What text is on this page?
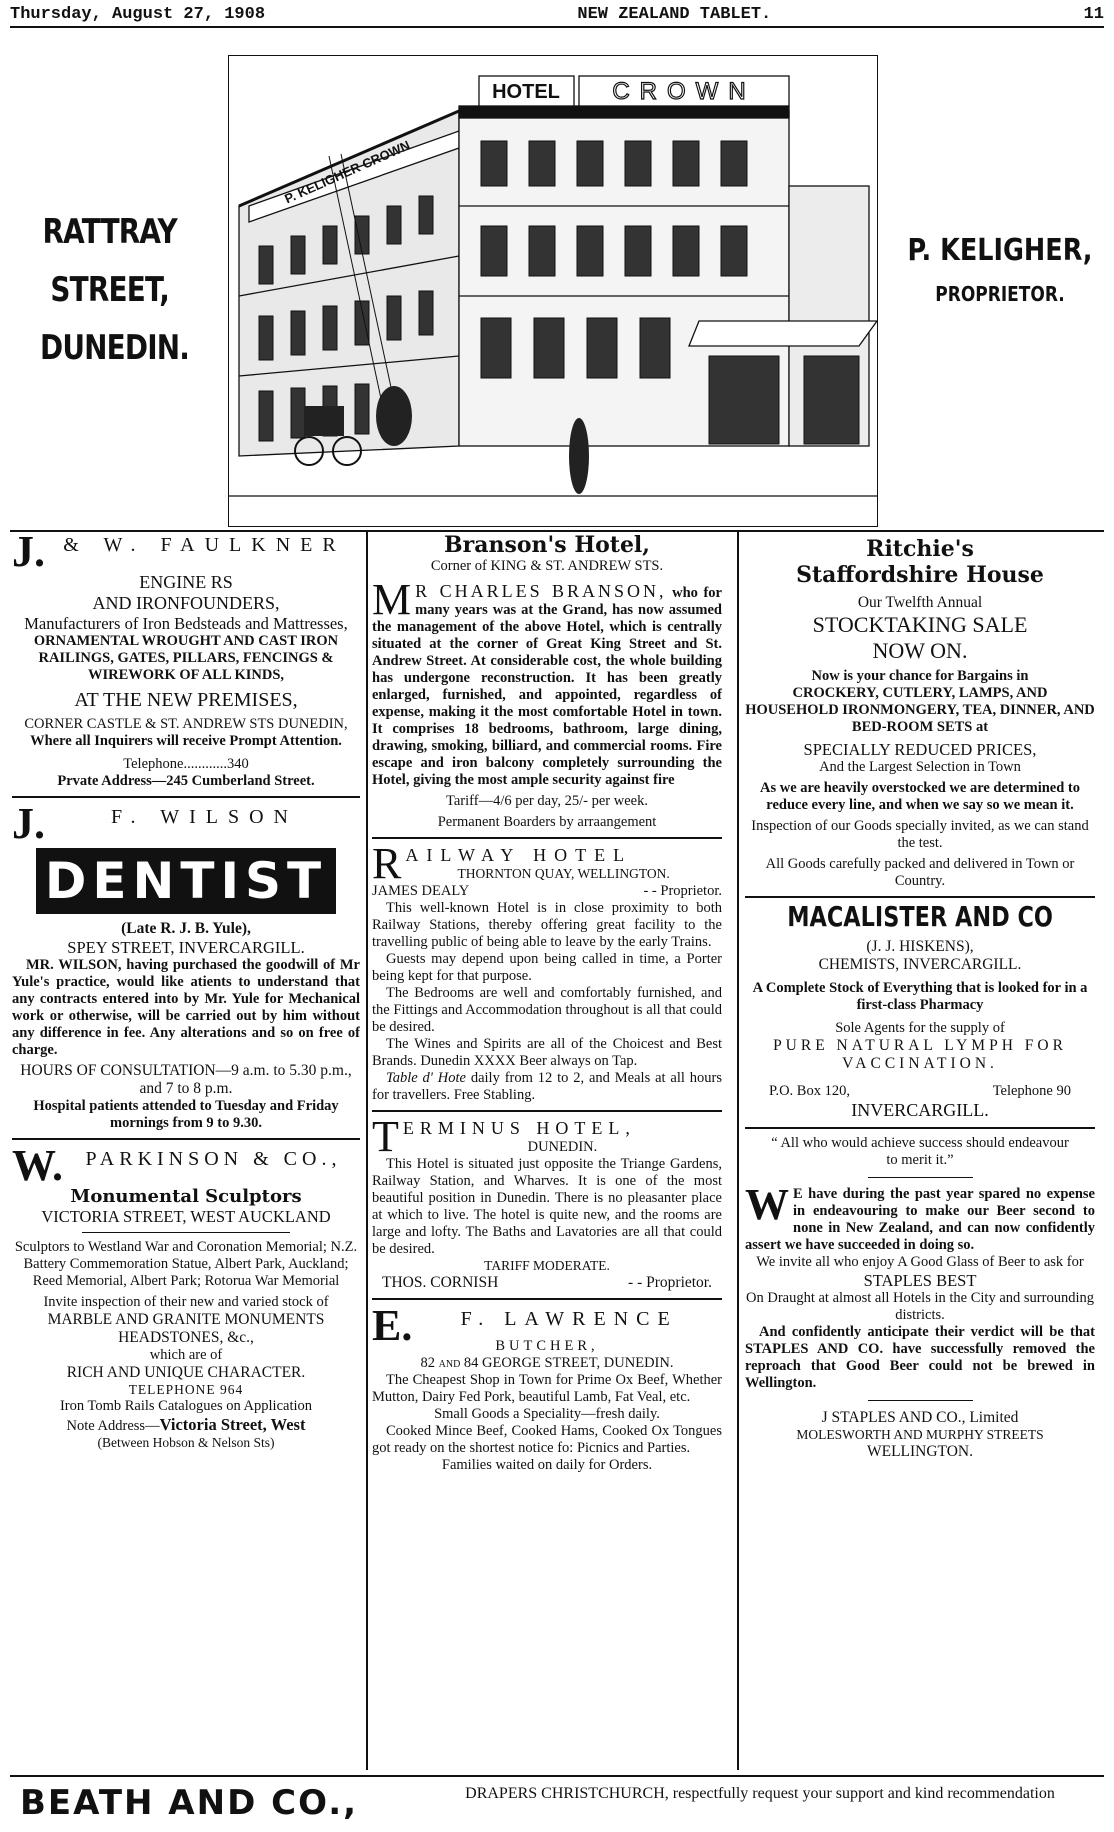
Thursday, August 27, 1908	NEW ZEALAND TABLET.	11
RATTRAY
STREET,
DUNEDIN.
HOTEL CROWN
P. KELIGHER CROWN
P. KELIGHER,
PROPRIETOR.
J. & W. FAULKNER
ENGINE RS
AND IRONFOUNDERS,
Manufacturers of Iron Bedsteads and Mattresses,
ORNAMENTAL WROUGHT AND CAST IRON RAILINGS, GATES, PILLARS, FENCINGS & WIREWORK OF ALL KINDS,
AT THE NEW PREMISES,
CORNER CASTLE & ST. ANDREW STS DUNEDIN,
Where all Inquirers will receive Prompt Attention.
Telephone............340
Prvate Address—245 Cumberland Street.
J.	F. WILSON
DENTIST
(Late R. J. B. Yule),
SPEY STREET, INVERCARGILL.
MR. WILSON, having purchased the goodwill of Mr Yule's practice, would like atients to understand that any contracts entered into by Mr. Yule for Mechanical work or otherwise, will be carried out by him without any difference in fee. Any alterations and so on free of charge.
HOURS OF CONSULTATION—9 a.m. to 5.30 p.m., and 7 to 8 p.m.
Hospital patients attended to Tuesday and Friday mornings from 9 to 9.30.
W.	PARKINSON & CO.,
Monumental Sculptors
VICTORIA STREET, WEST AUCKLAND
Sculptors to Westland War and Coronation Memorial; N.Z. Battery Commemoration Statue, Albert Park, Auckland; Reed Memorial, Albert Park; Rotorua War Memorial
Invite inspection of their new and varied stock of
MARBLE AND GRANITE MONUMENTS HEADSTONES, &c.,
which are of
RICH AND UNIQUE CHARACTER.
TELEPHONE 964
Iron Tomb Rails Catalogues on Application
Note Address—Victoria Street, West
(Between Hobson & Nelson Sts)
Branson's Hotel,
Corner of KING & ST. ANDREW STS.
M R CHARLES BRANSON, who for many years was at the Grand, has now assumed the management of the above Hotel, which is centrally situated at the corner of Great King Street and St. Andrew Street. At considerable cost, the whole building has undergone reconstruction. It has been greatly enlarged, furnished, and appointed, regardless of expense, making it the most comfortable Hotel in town. It comprises 18 bedrooms, bathroom, large dining, drawing, smoking, billiard, and commercial rooms. Fire escape and iron balcony completely surrounding the Hotel, giving the most ample security against fire
Tariff—4/6 per day, 25/- per week.
Permanent Boarders by arraangement
RAILWAY HOTEL
THORNTON QUAY, WELLINGTON.
JAMES DEALY	- - Proprietor.
This well-known Hotel is in close proximity to both Railway Stations, thereby offering great facility to the travelling public of being able to leave by the early Trains.
Guests may depend upon being called in time, a Porter being kept for that purpose.
The Bedrooms are well and comfortably furnished, and the Fittings and Accommodation throughout is all that could be desired.
The Wines and Spirits are all of the Choicest and Best Brands. Dunedin XXXX Beer always on Tap.
Table d' Hote daily from 12 to 2, and Meals at all hours for travellers. Free Stabling.
TERMINUS HOTEL,
DUNEDIN.
This Hotel is situated just opposite the Triange Gardens, Railway Station, and Wharves. It is one of the most beautiful position in Dunedin. There is no pleasanter place at which to live. The hotel is quite new, and the rooms are large and lofty. The Baths and Lavatories are all that could be desired.
TARIFF MODERATE.
THOS. CORNISH	- - Proprietor.
E.	F. LAWRENCE
BUTCHER,
82 and 84 GEORGE STREET, DUNEDIN.
The Cheapest Shop in Town for Prime Ox Beef, Whether Mutton, Dairy Fed Pork, beautiful Lamb, Fat Veal, etc.
Small Goods a Speciality—fresh daily.
Cooked Mince Beef, Cooked Hams, Cooked Ox Tongues got ready on the shortest notice fo: Picnics and Parties.
Families waited on daily for Orders.
Ritchie's
Staffordshire House
Our Twelfth Annual
STOCKTAKING SALE
NOW ON.
Now is your chance for Bargains in
CROCKERY, CUTLERY, LAMPS, AND HOUSEHOLD IRONMONGERY, TEA, DINNER, AND BED-ROOM SETS at
SPECIALLY REDUCED PRICES,
And the Largest Selection in Town
As we are heavily overstocked we are determined to reduce every line, and when we say so we mean it.
Inspection of our Goods specially invited, as we can stand the test.
All Goods carefully packed and delivered in Town or Country.
MACALISTER AND CO
(J. J. HISKENS),
CHEMISTS, INVERCARGILL.
A Complete Stock of Everything that is looked for in a first-class Pharmacy
Sole Agents for the supply of
PURE NATURAL LYMPH FOR VACCINATION.
P.O. Box 120,	Telephone 90
INVERCARGILL.
“ All who would achieve success should endeavour to merit it.”
W E have during the past year spared no expense in endeavouring to make our Beer second to none in New Zealand, and can now confidently assert we have succeeded in doing so.
We invite all who enjoy A Good Glass of Beer to ask for
STAPLES BEST
On Draught at almost all Hotels in the City and surrounding districts.
And confidently anticipate their verdict will be that STAPLES AND CO. have successfully removed the reproach that Good Beer could not be brewed in Wellington.
J STAPLES AND CO., Limited
MOLESWORTH AND MURPHY STREETS
WELLINGTON.
BEATH AND CO.,	DRAPERS CHRISTCHURCH, respectfully request your support and kind recommendation
